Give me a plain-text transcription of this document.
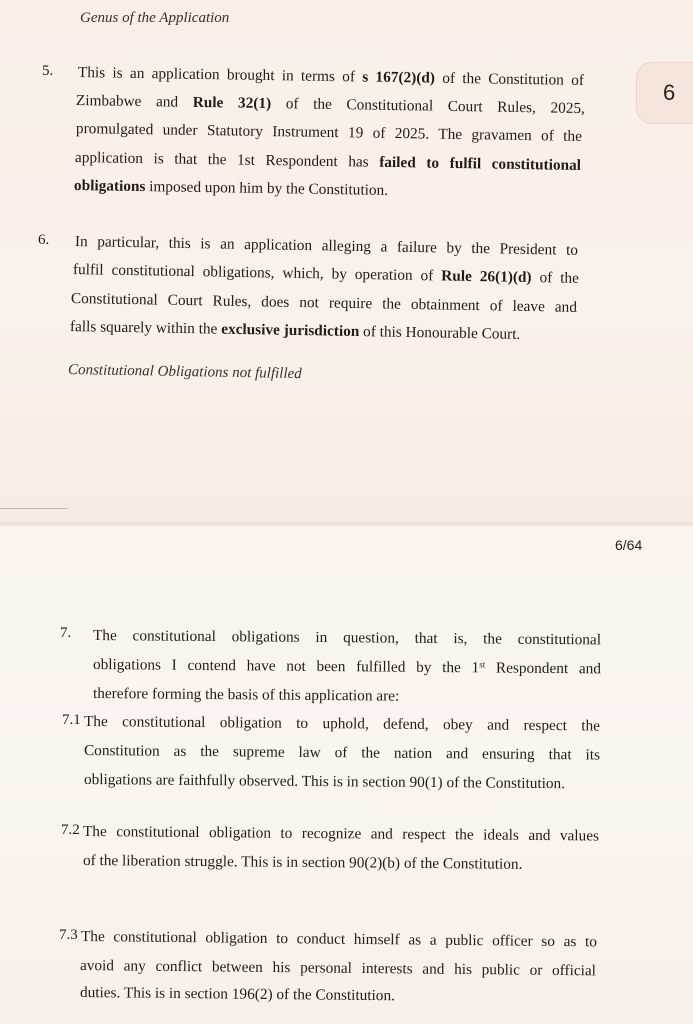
Genus of the Application
5. This is an application brought in terms of s 167(2)(d) of the Constitution of
Zimbabwe and Rule 32(1) of the Constitutional Court Rules, 2025,
promulgated under Statutory Instrument 19 of 2025. The gravamen of the
application is that the 1st Respondent has failed to fulfil constitutional
obligations imposed upon him by the Constitution.
6. In particular, this is an application alleging a failure by the President to
fulfil constitutional obligations, which, by operation of Rule 26(1)(d) of the
Constitutional Court Rules, does not require the obtainment of leave and
falls squarely within the exclusive jurisdiction of this Honourable Court.
Constitutional Obligations not fulfilled
6
6/64
7. The constitutional obligations in question, that is, the constitutional
obligations I contend have not been fulfilled by the 1st Respondent and
therefore forming the basis of this application are:
7.1 The constitutional obligation to uphold, defend, obey and respect the
Constitution as the supreme law of the nation and ensuring that its
obligations are faithfully observed. This is in section 90(1) of the Constitution.
7.2 The constitutional obligation to recognize and respect the ideals and values
of the liberation struggle. This is in section 90(2)(b) of the Constitution.
7.3 The constitutional obligation to conduct himself as a public officer so as to
avoid any conflict between his personal interests and his public or official
duties. This is in section 196(2) of the Constitution.
